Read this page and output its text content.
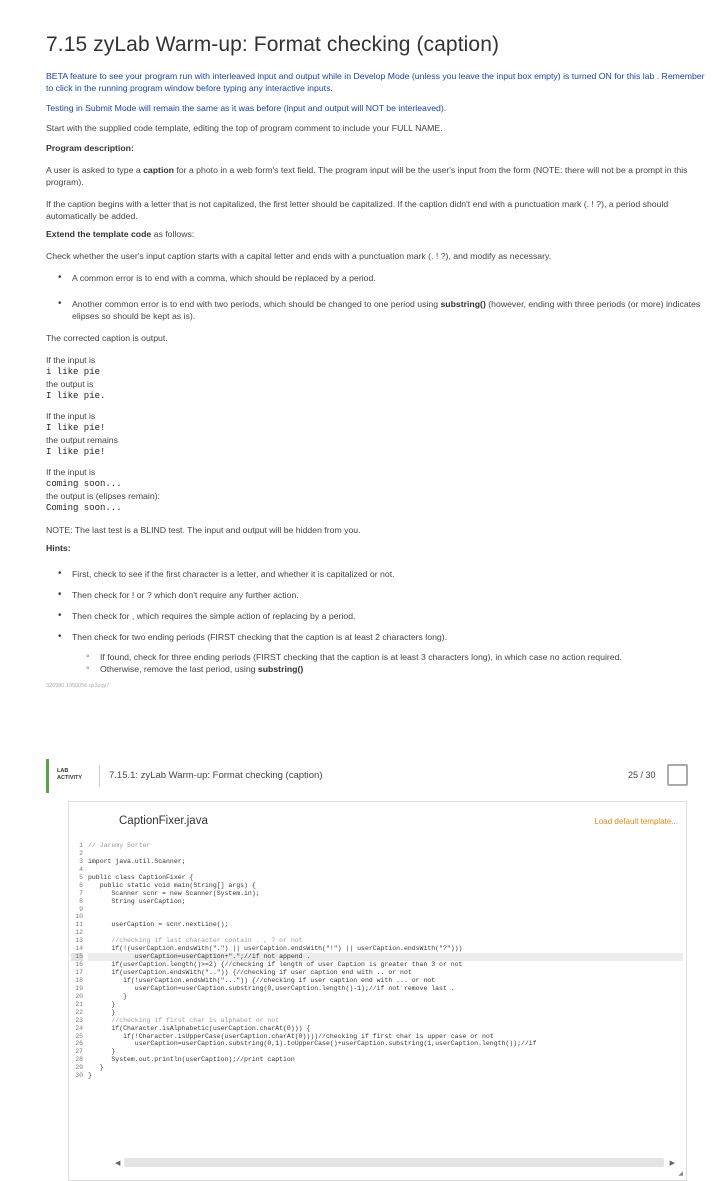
7.15 zyLab Warm-up: Format checking (caption)
BETA feature to see your program run with interleaved input and output while in Develop Mode (unless you leave the input box empty) is turned ON for this lab . Remember to click in the running program window before typing any interactive inputs.
Testing in Submit Mode will remain the same as it was before (input and output will NOT be interleaved).
Start with the supplied code template, editing the top of program comment to include your FULL NAME.
Program description:
A user is asked to type a caption for a photo in a web form's text field. The program input will be the user's input from the form (NOTE: there will not be a prompt in this program).
If the caption begins with a letter that is not capitalized, the first letter should be capitalized. If the caption didn't end with a punctuation mark (. ! ?), a period should automatically be added.
Extend the template code as follows:
Check whether the user's input caption starts with a capital letter and ends with a punctuation mark (. ! ?), and modify as necessary.
• A common error is to end with a comma, which should be replaced by a period.
• Another common error is to end with two periods, which should be changed to one period using substring() (however, ending with three periods (or more) indicates elipses so should be kept as is).
The corrected caption is output.
If the input is
i like pie
the output is
I like pie.
If the input is
I like pie!
the output remains
I like pie!
If the input is
coming soon...
the output is (elipses remain):
Coming soon...
NOTE: The last test is a BLIND test. The input and output will be hidden from you.
Hints:
• First, check to see if the first character is a letter, and whether it is capitalized or not.
• Then check for ! or ? which don't require any further action.
• Then check for , which requires the simple action of replacing by a period.
• Then check for two ending periods (FIRST checking that the caption is at least 2 characters long).
◦ If found, check for three ending periods (FIRST checking that the caption is at least 3 characters long), in which case no action required.
◦ Otherwise, remove the last period, using substring()
326980.1950056.qx3zqy7
LAB
ACTIVITY	7.15.1: zyLab Warm-up: Format checking (caption)	25 / 30
CaptionFixer.java	Load default template...
1
2
3
4
5
6
7
8
9
10
11
12
13
14
15
16
17
18
19
20
21
22
23
24
25
26
27
28
29
30
// Jaremy Sorter
import java.util.Scanner;
public class CaptionFixer {
public static void main(String[] args) {
Scanner scnr = new Scanner(System.in);
String userCaption;
userCaption = scnr.nextLine();
//checking if last character contain . , ? or not
if(!(userCaption.endsWith(".") || userCaption.endsWith("!") || userCaption.endsWith("?")))
userCaption=userCaption+".";//if not append .
if(userCaption.length()>=2) {//checking if length of user Caption is greater than 3 or not
if(userCaption.endsWith("..")) {//checking if user caption end with .. or not
if(!userCaption.endsWith("...")) {//checking if user caption end with ... or not
userCaption=userCaption.substring(0,userCaption.length()-1);//if not remove last .
}
}
}
//checking if first char is alphabet or not
if(Character.isAlphabetic(userCaption.charAt(0))) {
if(!Character.isUpperCase(userCaption.charAt(0))))//checking if first char is upper case or not
userCaption=userCaption.substring(0,1).toUpperCase()+userCaption.substring(1,userCaption.length());//if
}
System.out.println(userCaption);//print caption
}
}
◀	▶
◢
